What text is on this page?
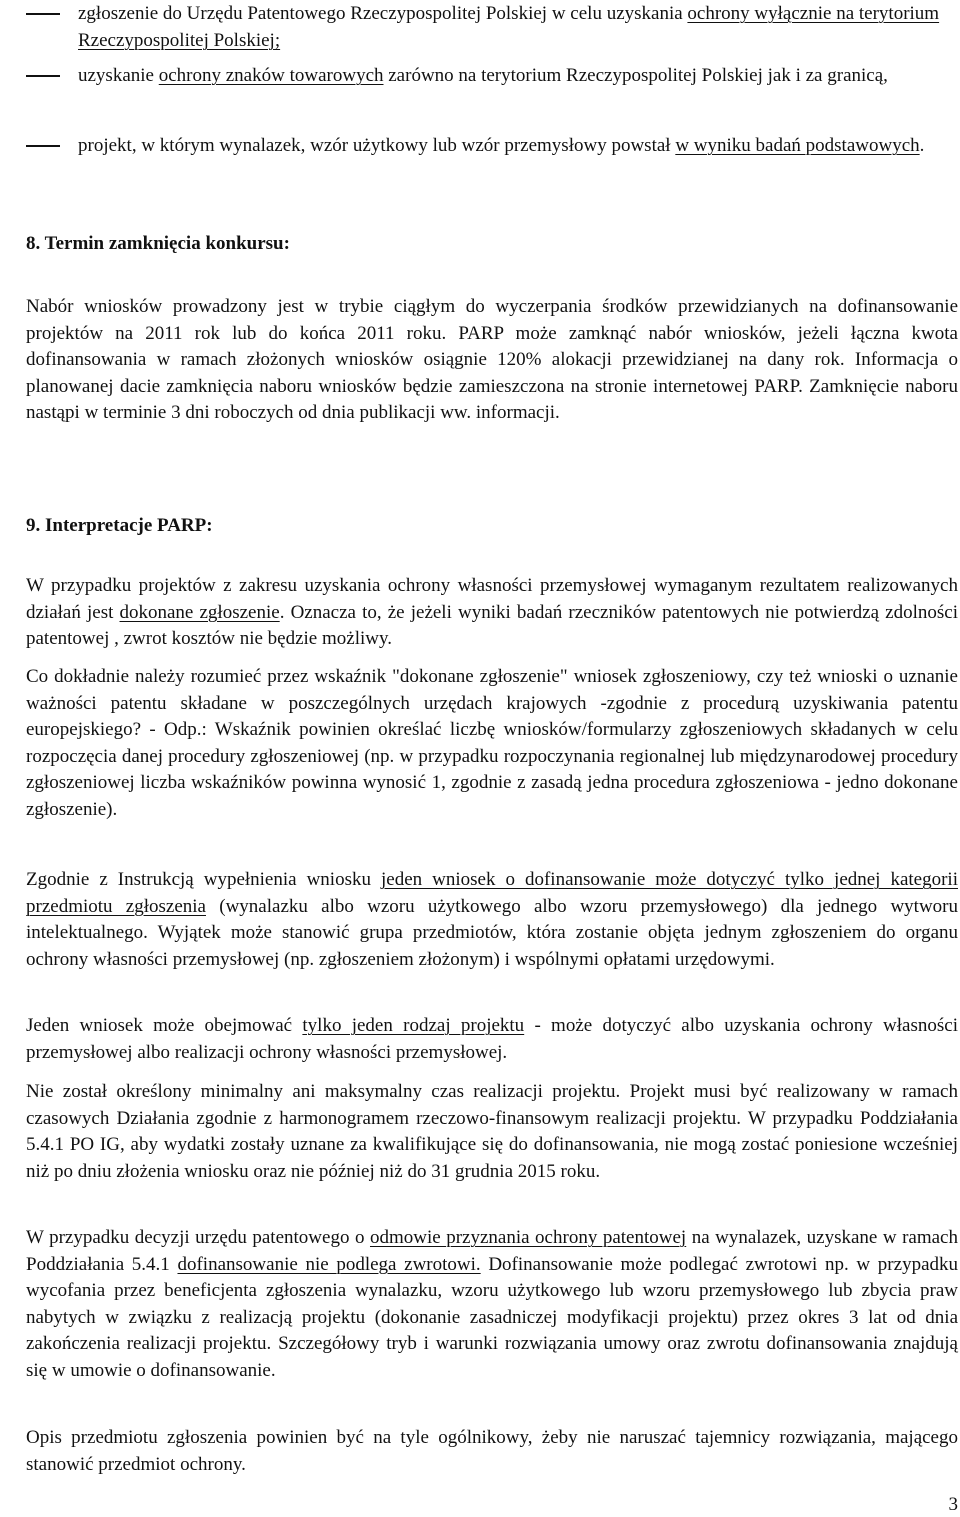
zgłoszenie do Urzędu Patentowego Rzeczypospolitej Polskiej w celu uzyskania ochrony wyłącznie na terytorium Rzeczypospolitej Polskiej;
uzyskanie ochrony znaków towarowych zarówno na terytorium Rzeczypospolitej Polskiej jak i za granicą,
projekt, w którym wynalazek, wzór użytkowy lub wzór przemysłowy powstał w wyniku badań podstawowych.
8. Termin zamknięcia konkursu:
Nabór wniosków prowadzony jest w trybie ciągłym do wyczerpania środków przewidzianych na dofinansowanie projektów na 2011 rok lub do końca 2011 roku. PARP może zamknąć nabór wniosków, jeżeli łączna kwota dofinansowania w ramach złożonych wniosków osiągnie 120% alokacji przewidzianej na dany rok. Informacja o planowanej dacie zamknięcia naboru wniosków będzie zamieszczona na stronie internetowej PARP. Zamknięcie naboru nastąpi w terminie 3 dni roboczych od dnia publikacji ww. informacji.
9. Interpretacje PARP:
W przypadku projektów z zakresu uzyskania ochrony własności przemysłowej wymaganym rezultatem realizowanych działań jest dokonane zgłoszenie. Oznacza to, że jeżeli wyniki badań rzeczników patentowych nie potwierdzą zdolności patentowej , zwrot kosztów nie będzie możliwy.
Co dokładnie należy rozumieć przez wskaźnik "dokonane zgłoszenie" wniosek zgłoszeniowy, czy też wnioski o uznanie ważności patentu składane w poszczególnych urzędach krajowych -zgodnie z procedurą uzyskiwania patentu europejskiego? - Odp.: Wskaźnik powinien określać liczbę wniosków/formularzy zgłoszeniowych składanych w celu rozpoczęcia danej procedury zgłoszeniowej (np. w przypadku rozpoczynania regionalnej lub międzynarodowej procedury zgłoszeniowej liczba wskaźników powinna wynosić 1, zgodnie z zasadą jedna procedura zgłoszeniowa - jedno dokonane zgłoszenie).
Zgodnie z Instrukcją wypełnienia wniosku jeden wniosek o dofinansowanie może dotyczyć tylko jednej kategorii przedmiotu zgłoszenia (wynalazku albo wzoru użytkowego albo wzoru przemysłowego) dla jednego wytworu intelektualnego. Wyjątek może stanowić grupa przedmiotów, która zostanie objęta jednym zgłoszeniem do organu ochrony własności przemysłowej (np. zgłoszeniem złożonym) i wspólnymi opłatami urzędowymi.
Jeden wniosek może obejmować tylko jeden rodzaj projektu - może dotyczyć albo uzyskania ochrony własności przemysłowej albo realizacji ochrony własności przemysłowej.
Nie został określony minimalny ani maksymalny czas realizacji projektu. Projekt musi być realizowany w ramach czasowych Działania zgodnie z harmonogramem rzeczowo-finansowym realizacji projektu. W przypadku Poddziałania 5.4.1 PO IG, aby wydatki zostały uznane za kwalifikujące się do dofinansowania, nie mogą zostać poniesione wcześniej niż po dniu złożenia wniosku oraz nie później niż do 31 grudnia 2015 roku.
W przypadku decyzji urzędu patentowego o odmowie przyznania ochrony patentowej na wynalazek, uzyskane w ramach Poddziałania 5.4.1 dofinansowanie nie podlega zwrotowi. Dofinansowanie może podlegać zwrotowi np. w przypadku wycofania przez beneficjenta zgłoszenia wynalazku, wzoru użytkowego lub wzoru przemysłowego lub zbycia praw nabytych w związku z realizacją projektu (dokonanie zasadniczej modyfikacji projektu) przez okres 3 lat od dnia zakończenia realizacji projektu. Szczegółowy tryb i warunki rozwiązania umowy oraz zwrotu dofinansowania znajdują się w umowie o dofinansowanie.
Opis przedmiotu zgłoszenia powinien być na tyle ogólnikowy, żeby nie naruszać tajemnicy rozwiązania, mającego stanowić przedmiot ochrony.
3
